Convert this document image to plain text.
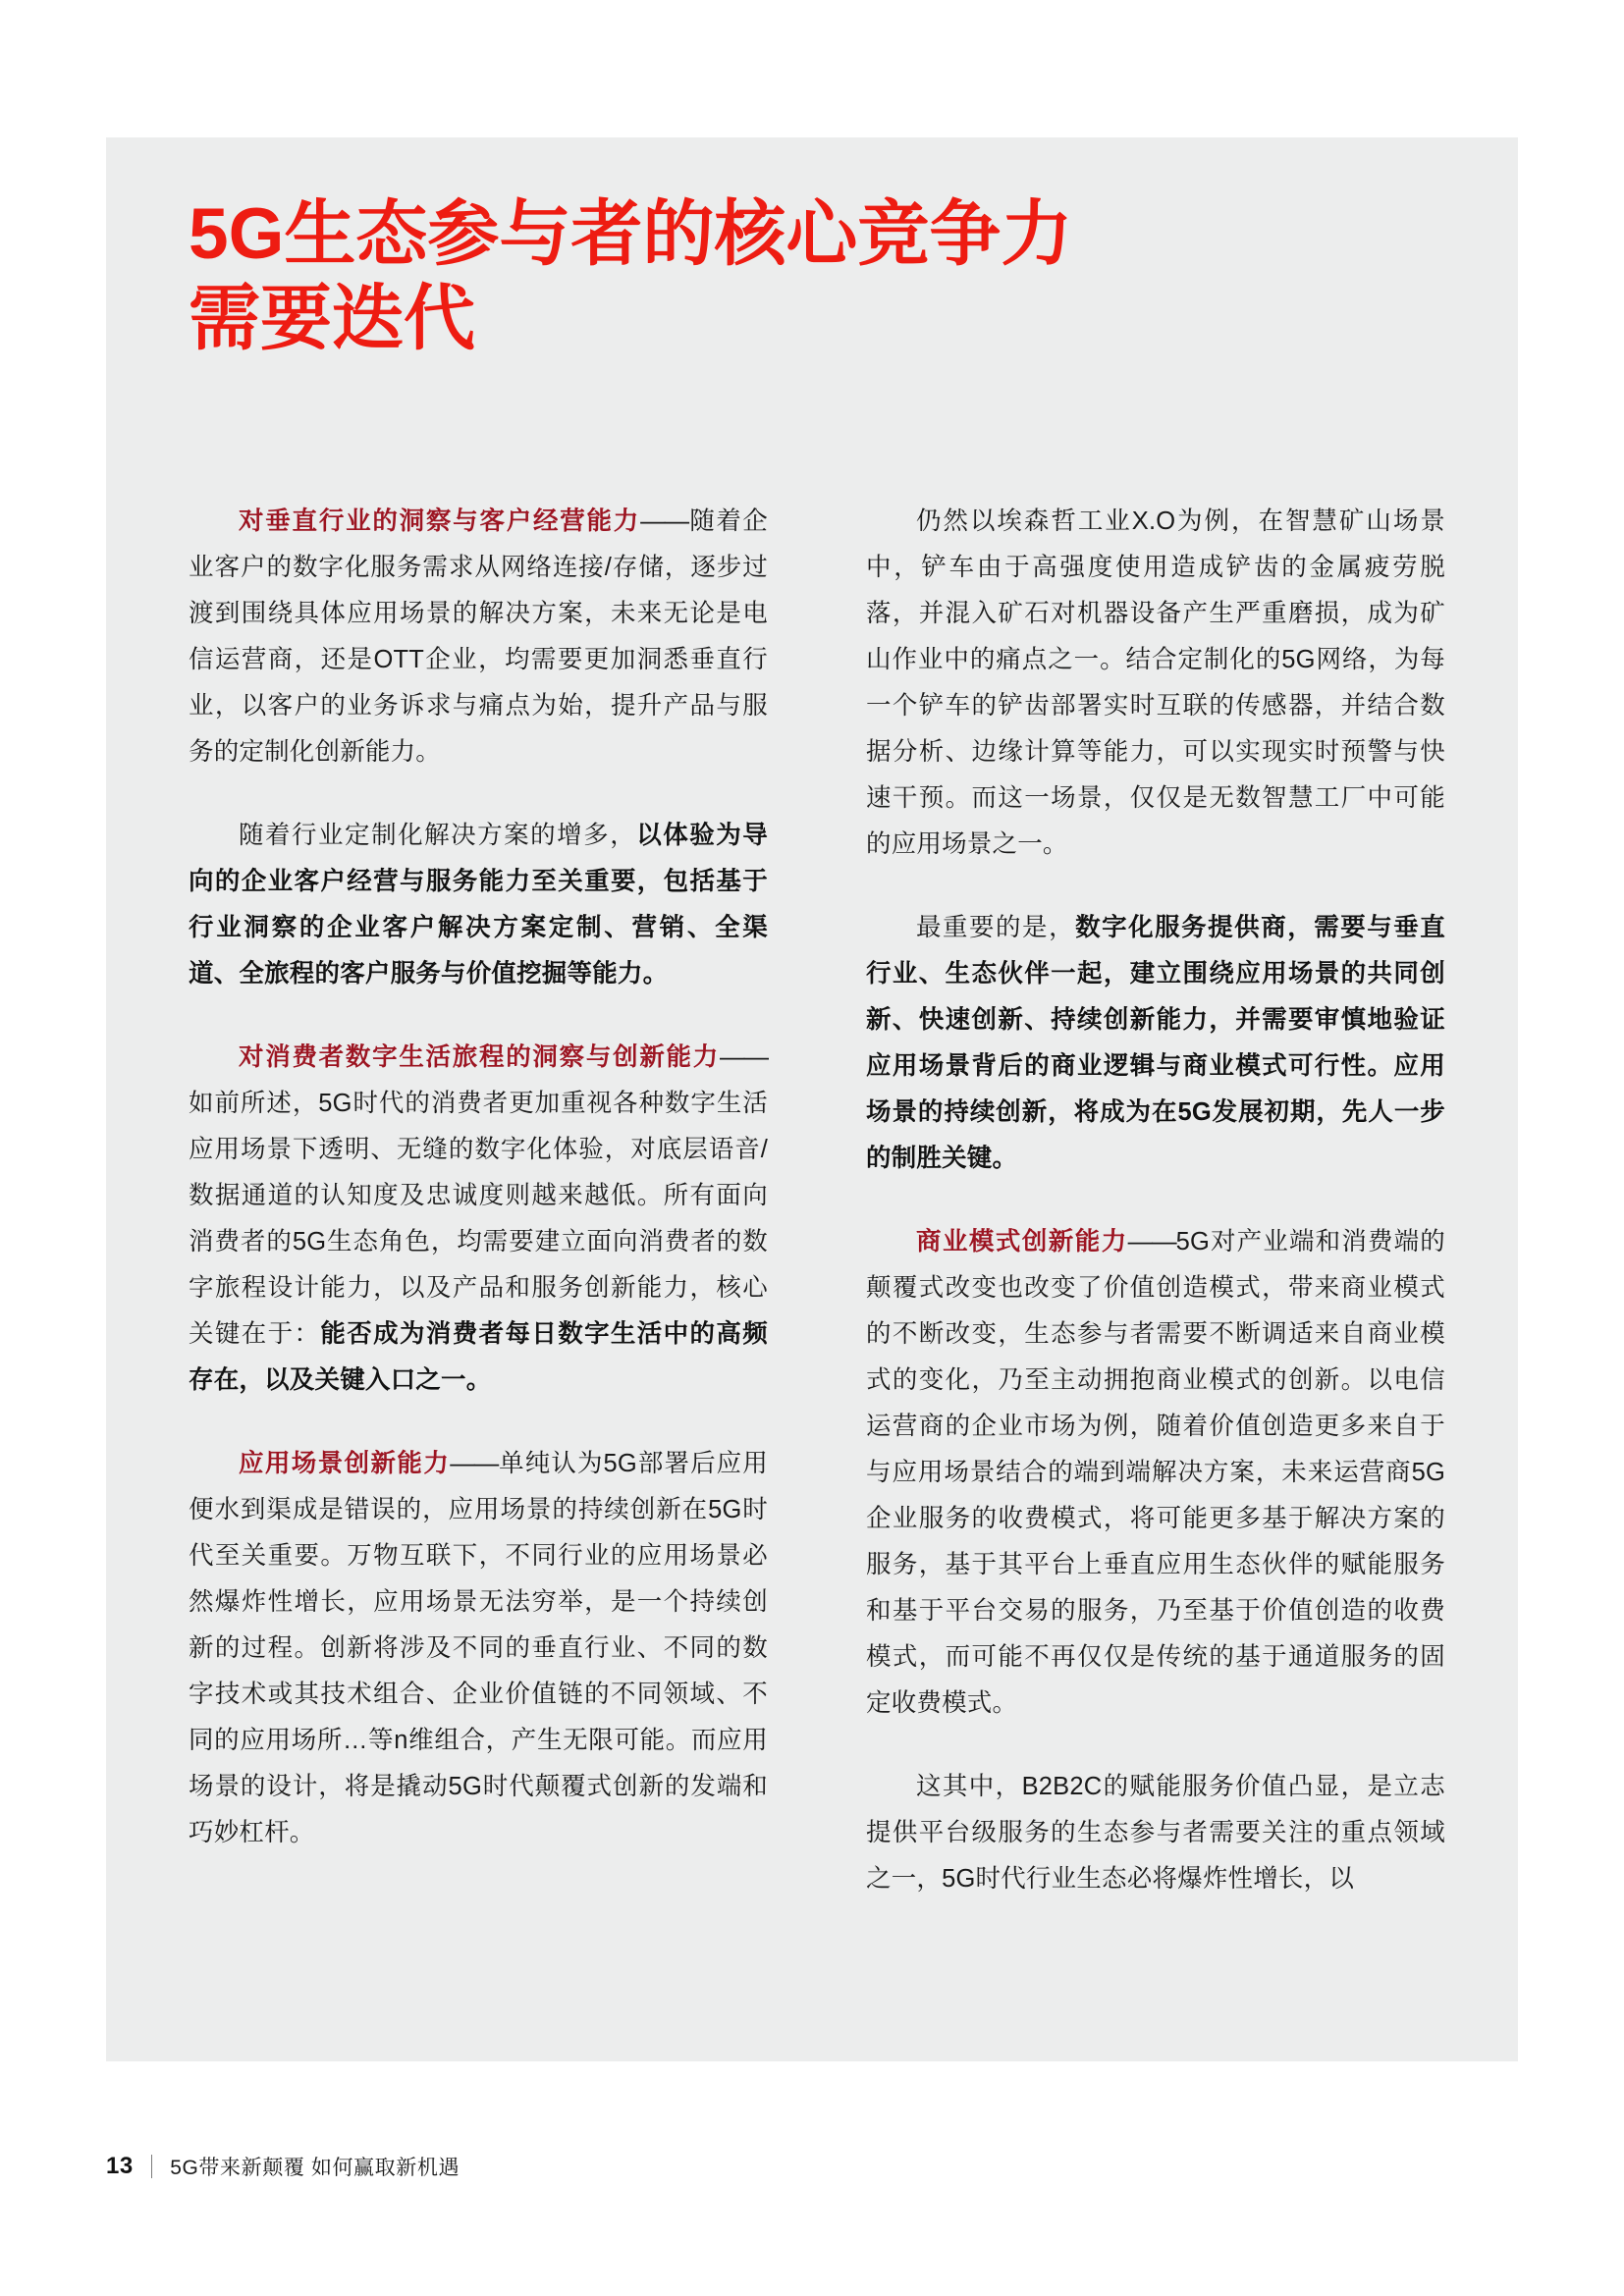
5G生态参与者的核心竞争力
需要迭代

对垂直行业的洞察与客户经营能力——随着企业客户的数字化服务需求从网络连接/存储，逐步过渡到围绕具体应用场景的解决方案，未来无论是电信运营商，还是OTT企业，均需要更加洞悉垂直行业，以客户的业务诉求与痛点为始，提升产品与服务的定制化创新能力。

随着行业定制化解决方案的增多，以体验为导向的企业客户经营与服务能力至关重要，包括基于行业洞察的企业客户解决方案定制、营销、全渠道、全旅程的客户服务与价值挖掘等能力。

对消费者数字生活旅程的洞察与创新能力——如前所述，5G时代的消费者更加重视各种数字生活应用场景下透明、无缝的数字化体验，对底层语音/数据通道的认知度及忠诚度则越来越低。所有面向消费者的5G生态角色，均需要建立面向消费者的数字旅程设计能力，以及产品和服务创新能力，核心关键在于：能否成为消费者每日数字生活中的高频存在，以及关键入口之一。

应用场景创新能力——单纯认为5G部署后应用便水到渠成是错误的，应用场景的持续创新在5G时代至关重要。万物互联下，不同行业的应用场景必然爆炸性增长，应用场景无法穷举，是一个持续创新的过程。创新将涉及不同的垂直行业、不同的数字技术或其技术组合、企业价值链的不同领域、不同的应用场所…等n维组合，产生无限可能。而应用场景的设计，将是撬动5G时代颠覆式创新的发端和巧妙杠杆。

仍然以埃森哲工业X.O为例，在智慧矿山场景中，铲车由于高强度使用造成铲齿的金属疲劳脱落，并混入矿石对机器设备产生严重磨损，成为矿山作业中的痛点之一。结合定制化的5G网络，为每一个铲车的铲齿部署实时互联的传感器，并结合数据分析、边缘计算等能力，可以实现实时预警与快速干预。而这一场景，仅仅是无数智慧工厂中可能的应用场景之一。

最重要的是，数字化服务提供商，需要与垂直行业、生态伙伴一起，建立围绕应用场景的共同创新、快速创新、持续创新能力，并需要审慎地验证应用场景背后的商业逻辑与商业模式可行性。应用场景的持续创新，将成为在5G发展初期，先人一步的制胜关键。

商业模式创新能力——5G对产业端和消费端的颠覆式改变也改变了价值创造模式，带来商业模式的不断改变，生态参与者需要不断调适来自商业模式的变化，乃至主动拥抱商业模式的创新。以电信运营商的企业市场为例，随着价值创造更多来自于与应用场景结合的端到端解决方案，未来运营商5G企业服务的收费模式，将可能更多基于解决方案的服务，基于其平台上垂直应用生态伙伴的赋能服务和基于平台交易的服务，乃至基于价值创造的收费模式，而可能不再仅仅是传统的基于通道服务的固定收费模式。

这其中，B2B2C的赋能服务价值凸显，是立志提供平台级服务的生态参与者需要关注的重点领域之一，5G时代行业生态必将爆炸性增长，以

13 5G带来新颠覆 如何赢取新机遇
